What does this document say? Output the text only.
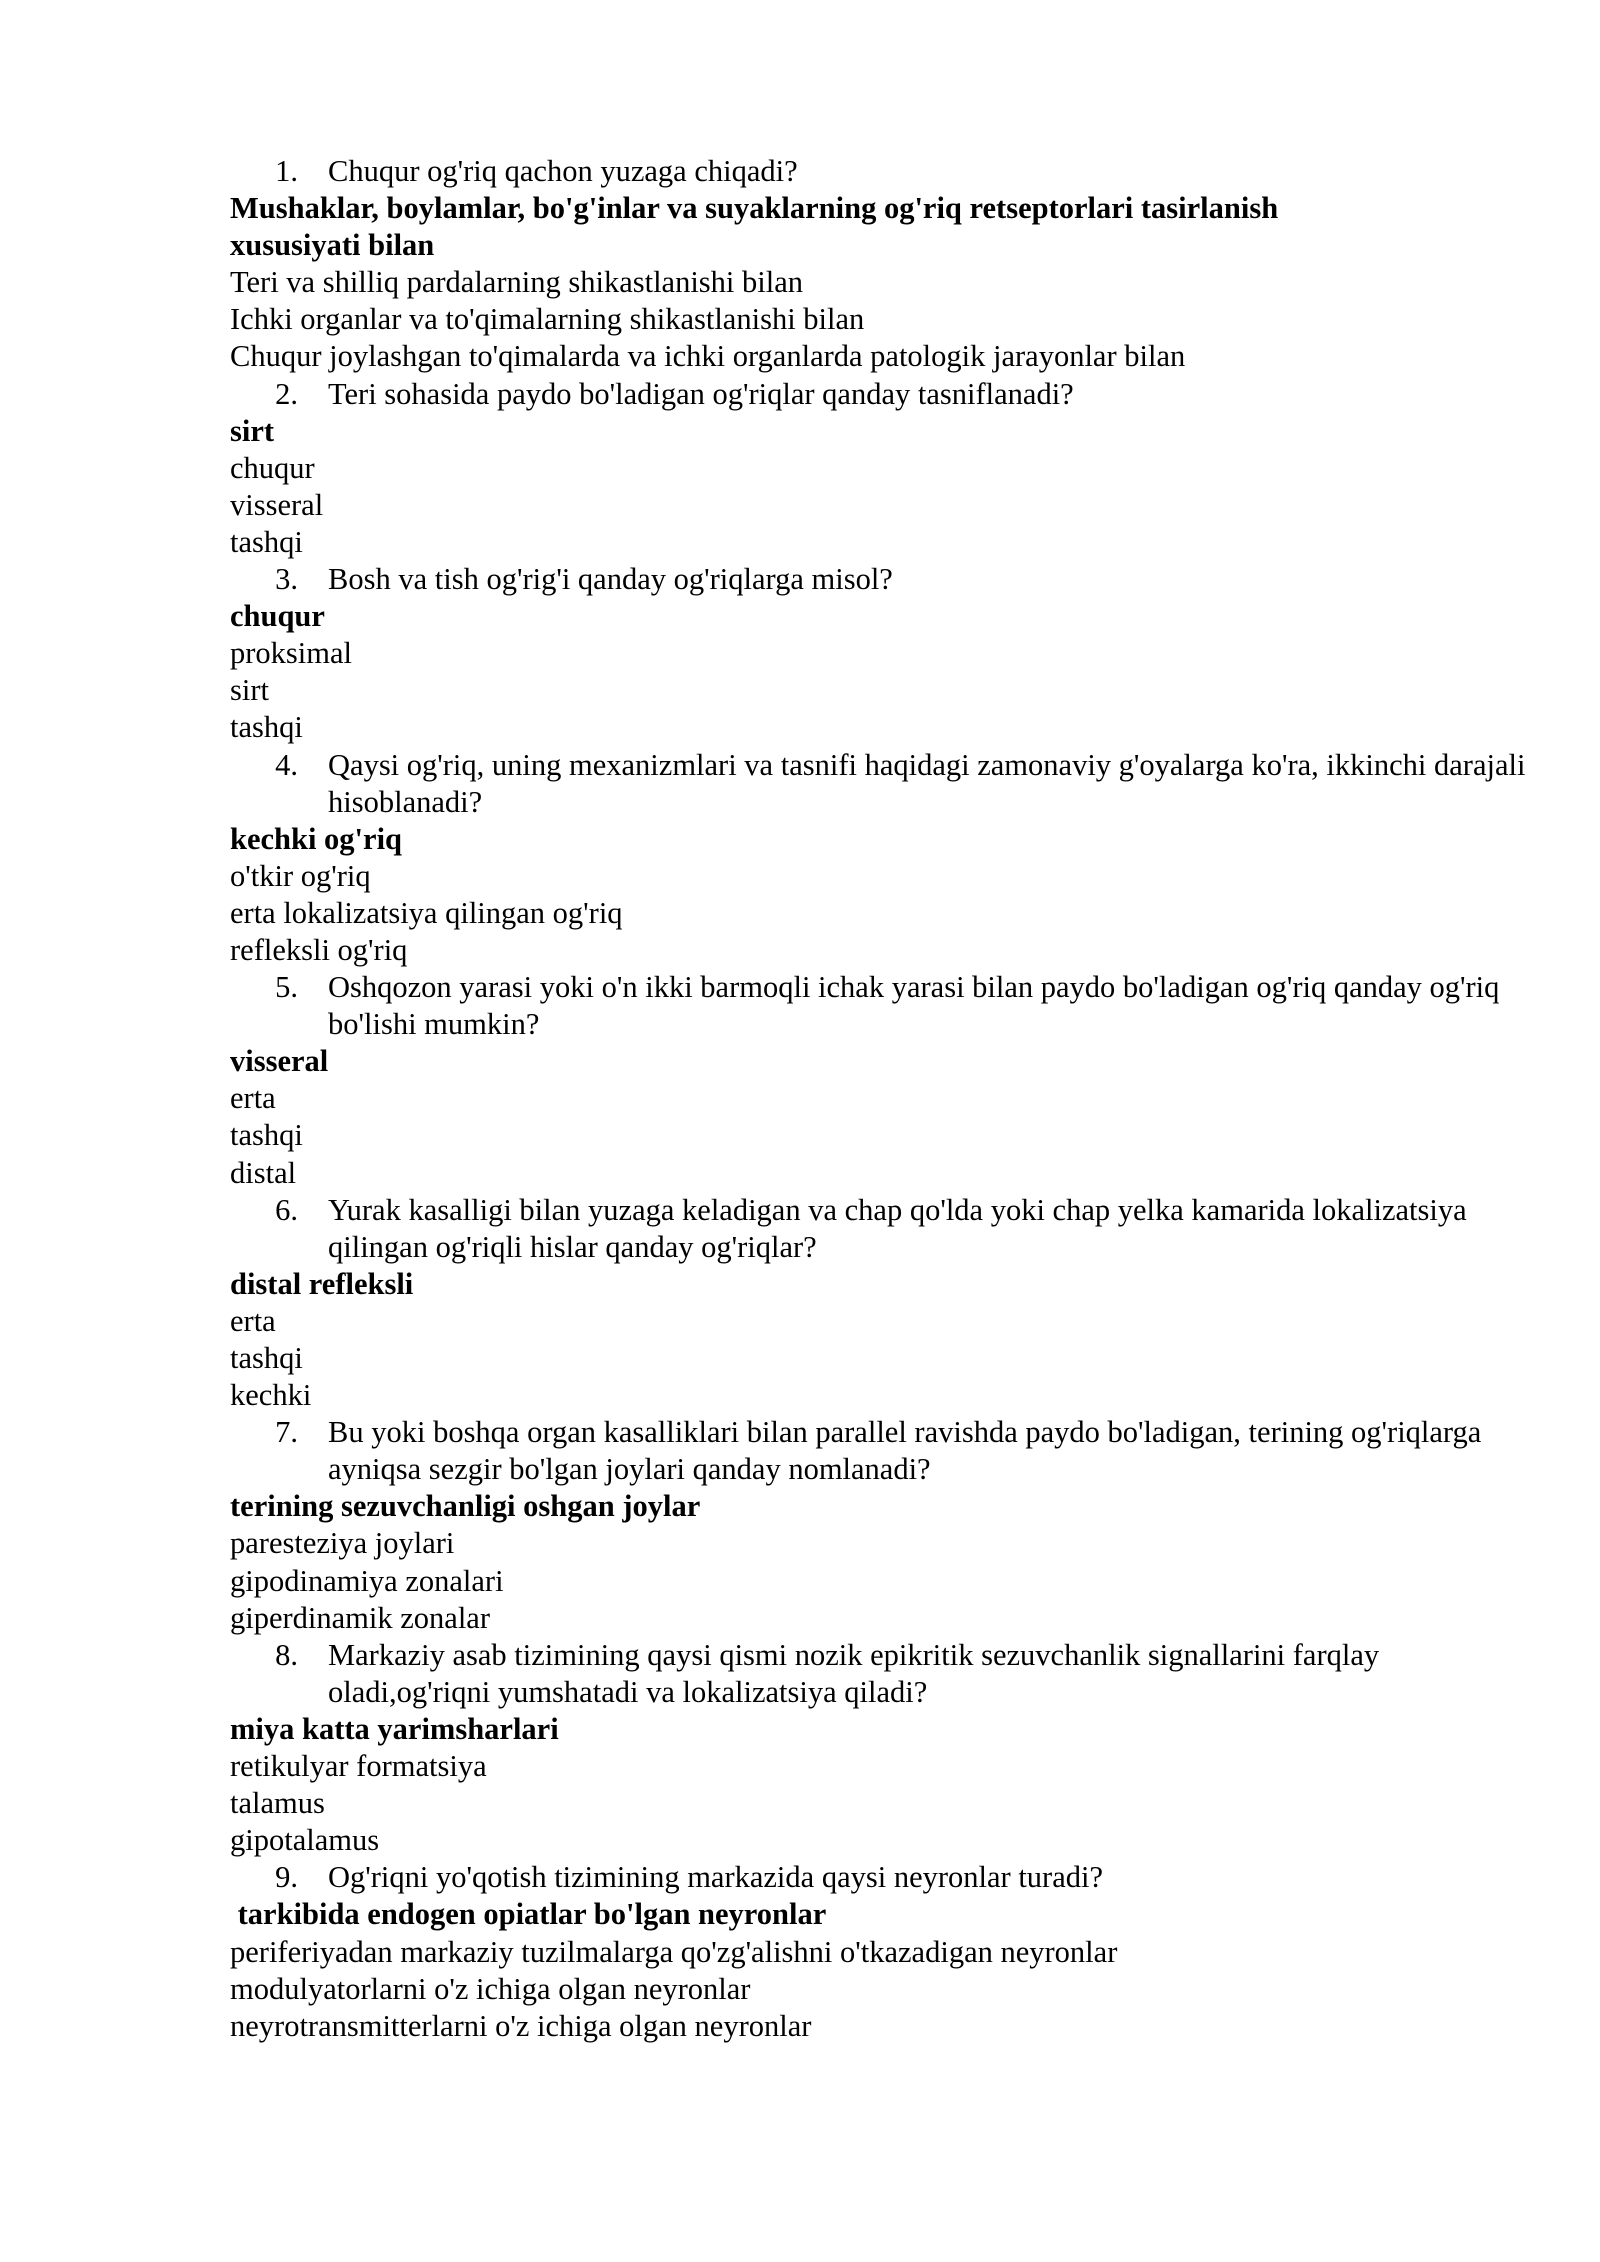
1. Chuqur og'riq qachon yuzaga chiqadi?
Mushaklar, boylamlar, bo'g'inlar va suyaklarning og'riq retseptorlari tasirlanish xususiyati bilan
Teri va shilliq pardalarning shikastlanishi bilan
Ichki organlar va to'qimalarning shikastlanishi bilan
Chuqur joylashgan to'qimalarda va ichki organlarda patologik jarayonlar bilan
2. Teri sohasida paydo bo'ladigan og'riqlar qanday tasniflanadi?
sirt
chuqur
visseral
tashqi
3. Bosh va tish og'rig'i qanday og'riqlarga misol?
chuqur
proksimal
sirt
tashqi
4. Qaysi og'riq, uning mexanizmlari va tasnifi haqidagi zamonaviy g'oyalarga ko'ra, ikkinchi darajali hisoblanadi?
kechki og'riq
o'tkir og'riq
erta lokalizatsiya qilingan og'riq
refleksli og'riq
5. Oshqozon yarasi yoki o'n ikki barmoqli ichak yarasi bilan paydo bo'ladigan og'riq qanday og'riq bo'lishi mumkin?
visseral
erta
tashqi
distal
6. Yurak kasalligi bilan yuzaga keladigan va chap qo'lda yoki chap yelka kamarida lokalizatsiya qilingan og'riqli hislar qanday og'riqlar?
distal refleksli
erta
tashqi
kechki
7. Bu yoki boshqa organ kasalliklari bilan parallel ravishda paydo bo'ladigan, terining og'riqlarga ayniqsa sezgir bo'lgan joylari qanday nomlanadi?
terining sezuvchanligi oshgan joylar
paresteziya joylari
gipodinamiya zonalari
giperdinamik zonalar
8. Markaziy asab tizimining qaysi qismi nozik epikritik sezuvchanlik signallarini farqlay oladi,og'riqni yumshatadi va lokalizatsiya qiladi?
miya katta yarimsharlari
retikulyar formatsiya
talamus
gipotalamus
9. Og'riqni yo'qotish tizimining markazida qaysi neyronlar turadi?
tarkibida endogen opiatlar bo'lgan neyronlar
periferiyadan markaziy tuzilmalarga qo'zg'alishni o'tkazadigan neyronlar
modulyatorlarni o'z ichiga olgan neyronlar
neyrotransmitterlarni o'z ichiga olgan neyronlar
